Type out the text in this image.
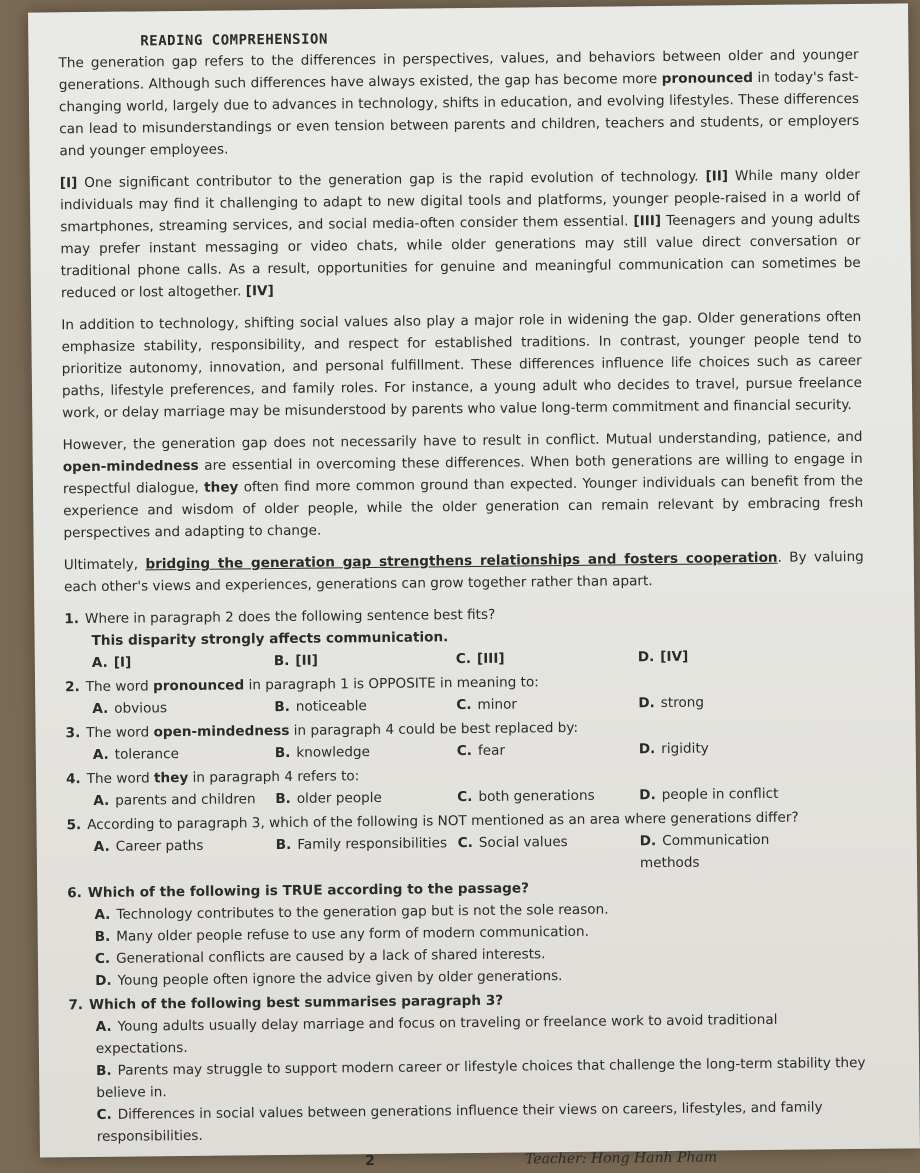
READING COMPREHENSION

The generation gap refers to the differences in perspectives, values, and behaviors between older and younger generations. Although such differences have always existed, the gap has become more pronounced in today's fast-changing world, largely due to advances in technology, shifts in education, and evolving lifestyles. These differences can lead to misunderstandings or even tension between parents and children, teachers and students, or employers and younger employees.

[I] One significant contributor to the generation gap is the rapid evolution of technology. [II] While many older individuals may find it challenging to adapt to new digital tools and platforms, younger people-raised in a world of smartphones, streaming services, and social media-often consider them essential. [III] Teenagers and young adults may prefer instant messaging or video chats, while older generations may still value direct conversation or traditional phone calls. As a result, opportunities for genuine and meaningful communication can sometimes be reduced or lost altogether. [IV]

In addition to technology, shifting social values also play a major role in widening the gap. Older generations often emphasize stability, responsibility, and respect for established traditions. In contrast, younger people tend to prioritize autonomy, innovation, and personal fulfillment. These differences influence life choices such as career paths, lifestyle preferences, and family roles. For instance, a young adult who decides to travel, pursue freelance work, or delay marriage may be misunderstood by parents who value long-term commitment and financial security.

However, the generation gap does not necessarily have to result in conflict. Mutual understanding, patience, and open-mindedness are essential in overcoming these differences. When both generations are willing to engage in respectful dialogue, they often find more common ground than expected. Younger individuals can benefit from the experience and wisdom of older people, while the older generation can remain relevant by embracing fresh perspectives and adapting to change.

Ultimately, bridging the generation gap strengthens relationships and fosters cooperation. By valuing each other's views and experiences, generations can grow together rather than apart.

1. Where in paragraph 2 does the following sentence best fits?
This disparity strongly affects communication.
A. [I]	B. [II]	C. [III]	D. [IV]
2. The word pronounced in paragraph 1 is OPPOSITE in meaning to:
A. obvious	B. noticeable	C. minor	D. strong
3. The word open-mindedness in paragraph 4 could be best replaced by:
A. tolerance	B. knowledge	C. fear	D. rigidity
4. The word they in paragraph 4 refers to:
A. parents and children	B. older people	C. both generations	D. people in conflict
5. According to paragraph 3, which of the following is NOT mentioned as an area where generations differ?
A. Career paths	B. Family responsibilities C. Social values	D. Communication methods
6. Which of the following is TRUE according to the passage?
A. Technology contributes to the generation gap but is not the sole reason.
B. Many older people refuse to use any form of modern communication.
C. Generational conflicts are caused by a lack of shared interests.
D. Young people often ignore the advice given by older generations.
7. Which of the following best summarises paragraph 3?
A. Young adults usually delay marriage and focus on traveling or freelance work to avoid traditional expectations.
B. Parents may struggle to support modern career or lifestyle choices that challenge the long-term stability they believe in.
C. Differences in social values between generations influence their views on careers, lifestyles, and family responsibilities.
2	Teacher: Hong Hanh Pham
